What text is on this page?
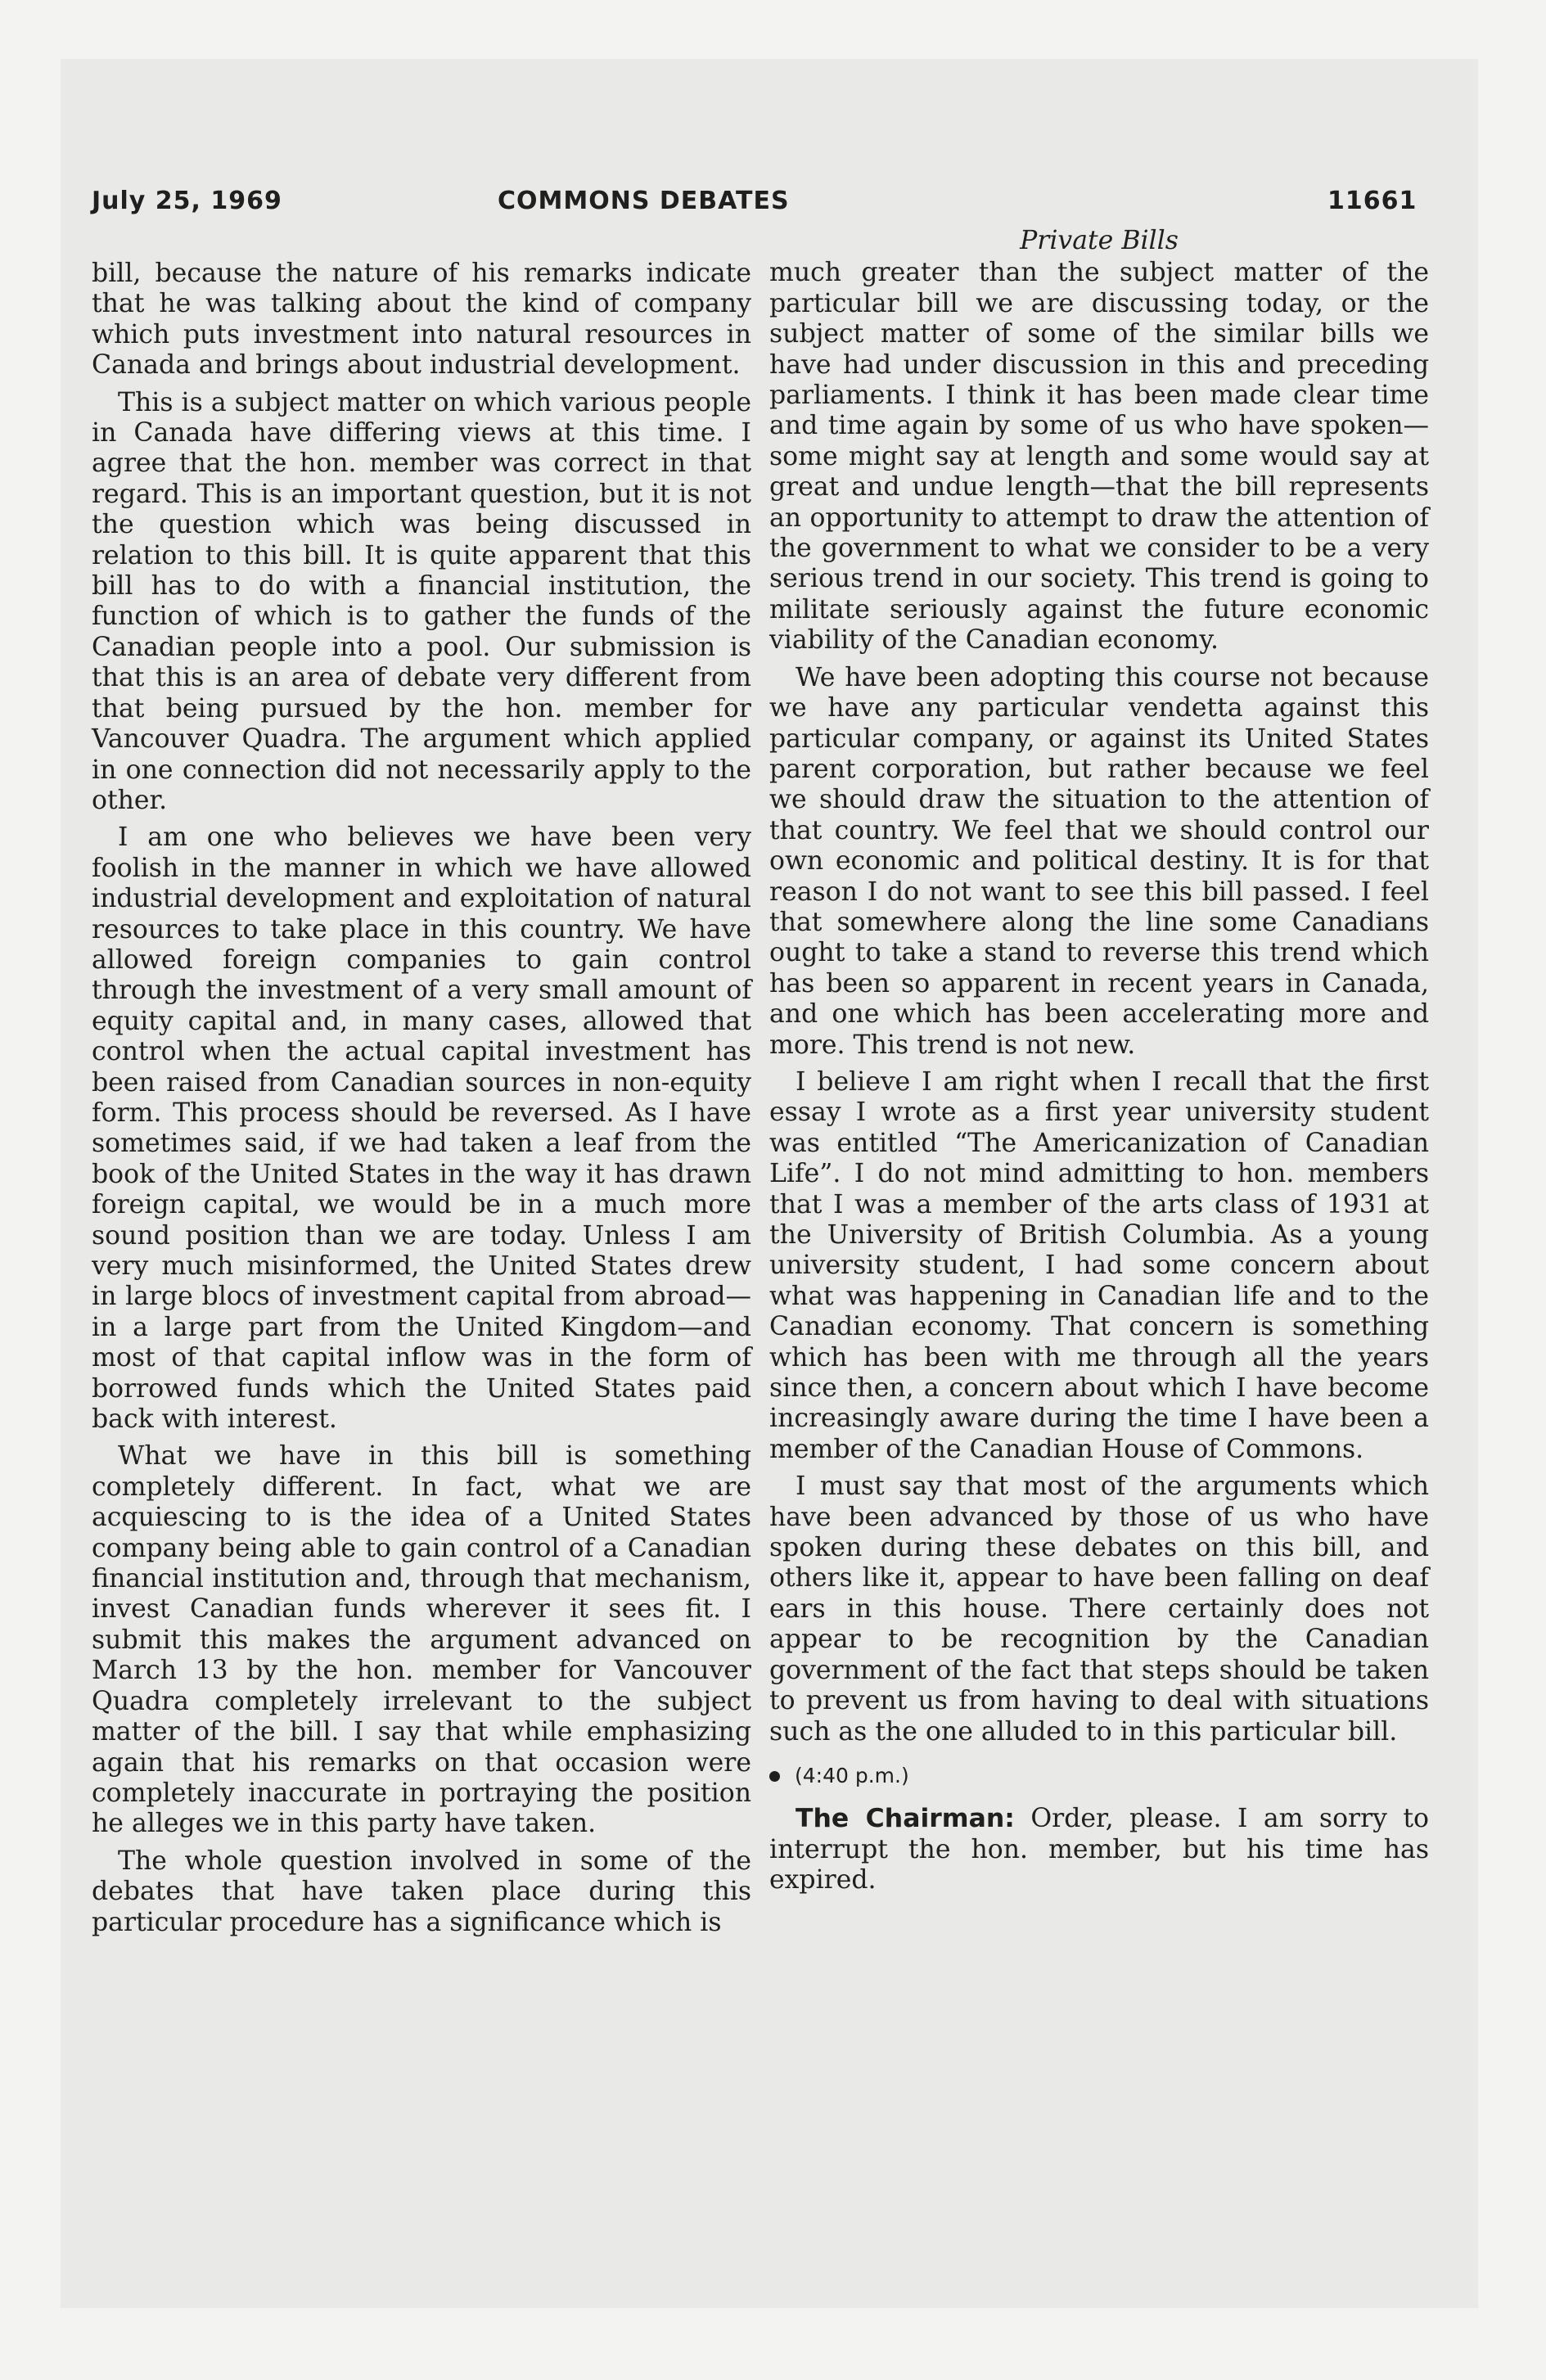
July 25, 1969	COMMONS DEBATES	11661

bill, because the nature of his remarks indicate that he was talking about the kind of company which puts investment into natural resources in Canada and brings about industrial development.

This is a subject matter on which various people in Canada have differing views at this time. I agree that the hon. member was correct in that regard. This is an important question, but it is not the question which was being discussed in relation to this bill. It is quite apparent that this bill has to do with a financial institution, the function of which is to gather the funds of the Canadian people into a pool. Our submission is that this is an area of debate very different from that being pursued by the hon. member for Vancouver Quadra. The argument which applied in one connection did not necessarily apply to the other.

I am one who believes we have been very foolish in the manner in which we have allowed industrial development and exploitation of natural resources to take place in this country. We have allowed foreign companies to gain control through the investment of a very small amount of equity capital and, in many cases, allowed that control when the actual capital investment has been raised from Canadian sources in non-equity form. This process should be reversed. As I have sometimes said, if we had taken a leaf from the book of the United States in the way it has drawn foreign capital, we would be in a much more sound position than we are today. Unless I am very much misinformed, the United States drew in large blocs of investment capital from abroad—in a large part from the United Kingdom—and most of that capital inflow was in the form of borrowed funds which the United States paid back with interest.

What we have in this bill is something completely different. In fact, what we are acquiescing to is the idea of a United States company being able to gain control of a Canadian financial institution and, through that mechanism, invest Canadian funds wherever it sees fit. I submit this makes the argument advanced on March 13 by the hon. member for Vancouver Quadra completely irrelevant to the subject matter of the bill. I say that while emphasizing again that his remarks on that occasion were completely inaccurate in portraying the position he alleges we in this party have taken.

The whole question involved in some of the debates that have taken place during this particular procedure has a significance which is

Private Bills

much greater than the subject matter of the particular bill we are discussing today, or the subject matter of some of the similar bills we have had under discussion in this and preceding parliaments. I think it has been made clear time and time again by some of us who have spoken—some might say at length and some would say at great and undue length—that the bill represents an opportunity to attempt to draw the attention of the government to what we consider to be a very serious trend in our society. This trend is going to militate seriously against the future economic viability of the Canadian economy.

We have been adopting this course not because we have any particular vendetta against this particular company, or against its United States parent corporation, but rather because we feel we should draw the situation to the attention of that country. We feel that we should control our own economic and political destiny. It is for that reason I do not want to see this bill passed. I feel that somewhere along the line some Canadians ought to take a stand to reverse this trend which has been so apparent in recent years in Canada, and one which has been accelerating more and more. This trend is not new.

I believe I am right when I recall that the first essay I wrote as a first year university student was entitled “The Americanization of Canadian Life”. I do not mind admitting to hon. members that I was a member of the arts class of 1931 at the University of British Columbia. As a young university student, I had some concern about what was happening in Canadian life and to the Canadian economy. That concern is something which has been with me through all the years since then, a concern about which I have become increasingly aware during the time I have been a member of the Canadian House of Commons.

I must say that most of the arguments which have been advanced by those of us who have spoken during these debates on this bill, and others like it, appear to have been falling on deaf ears in this house. There certainly does not appear to be recognition by the Canadian government of the fact that steps should be taken to prevent us from having to deal with situations such as the one alluded to in this particular bill.

(4:40 p.m.)

The Chairman: Order, please. I am sorry to interrupt the hon. member, but his time has expired.
